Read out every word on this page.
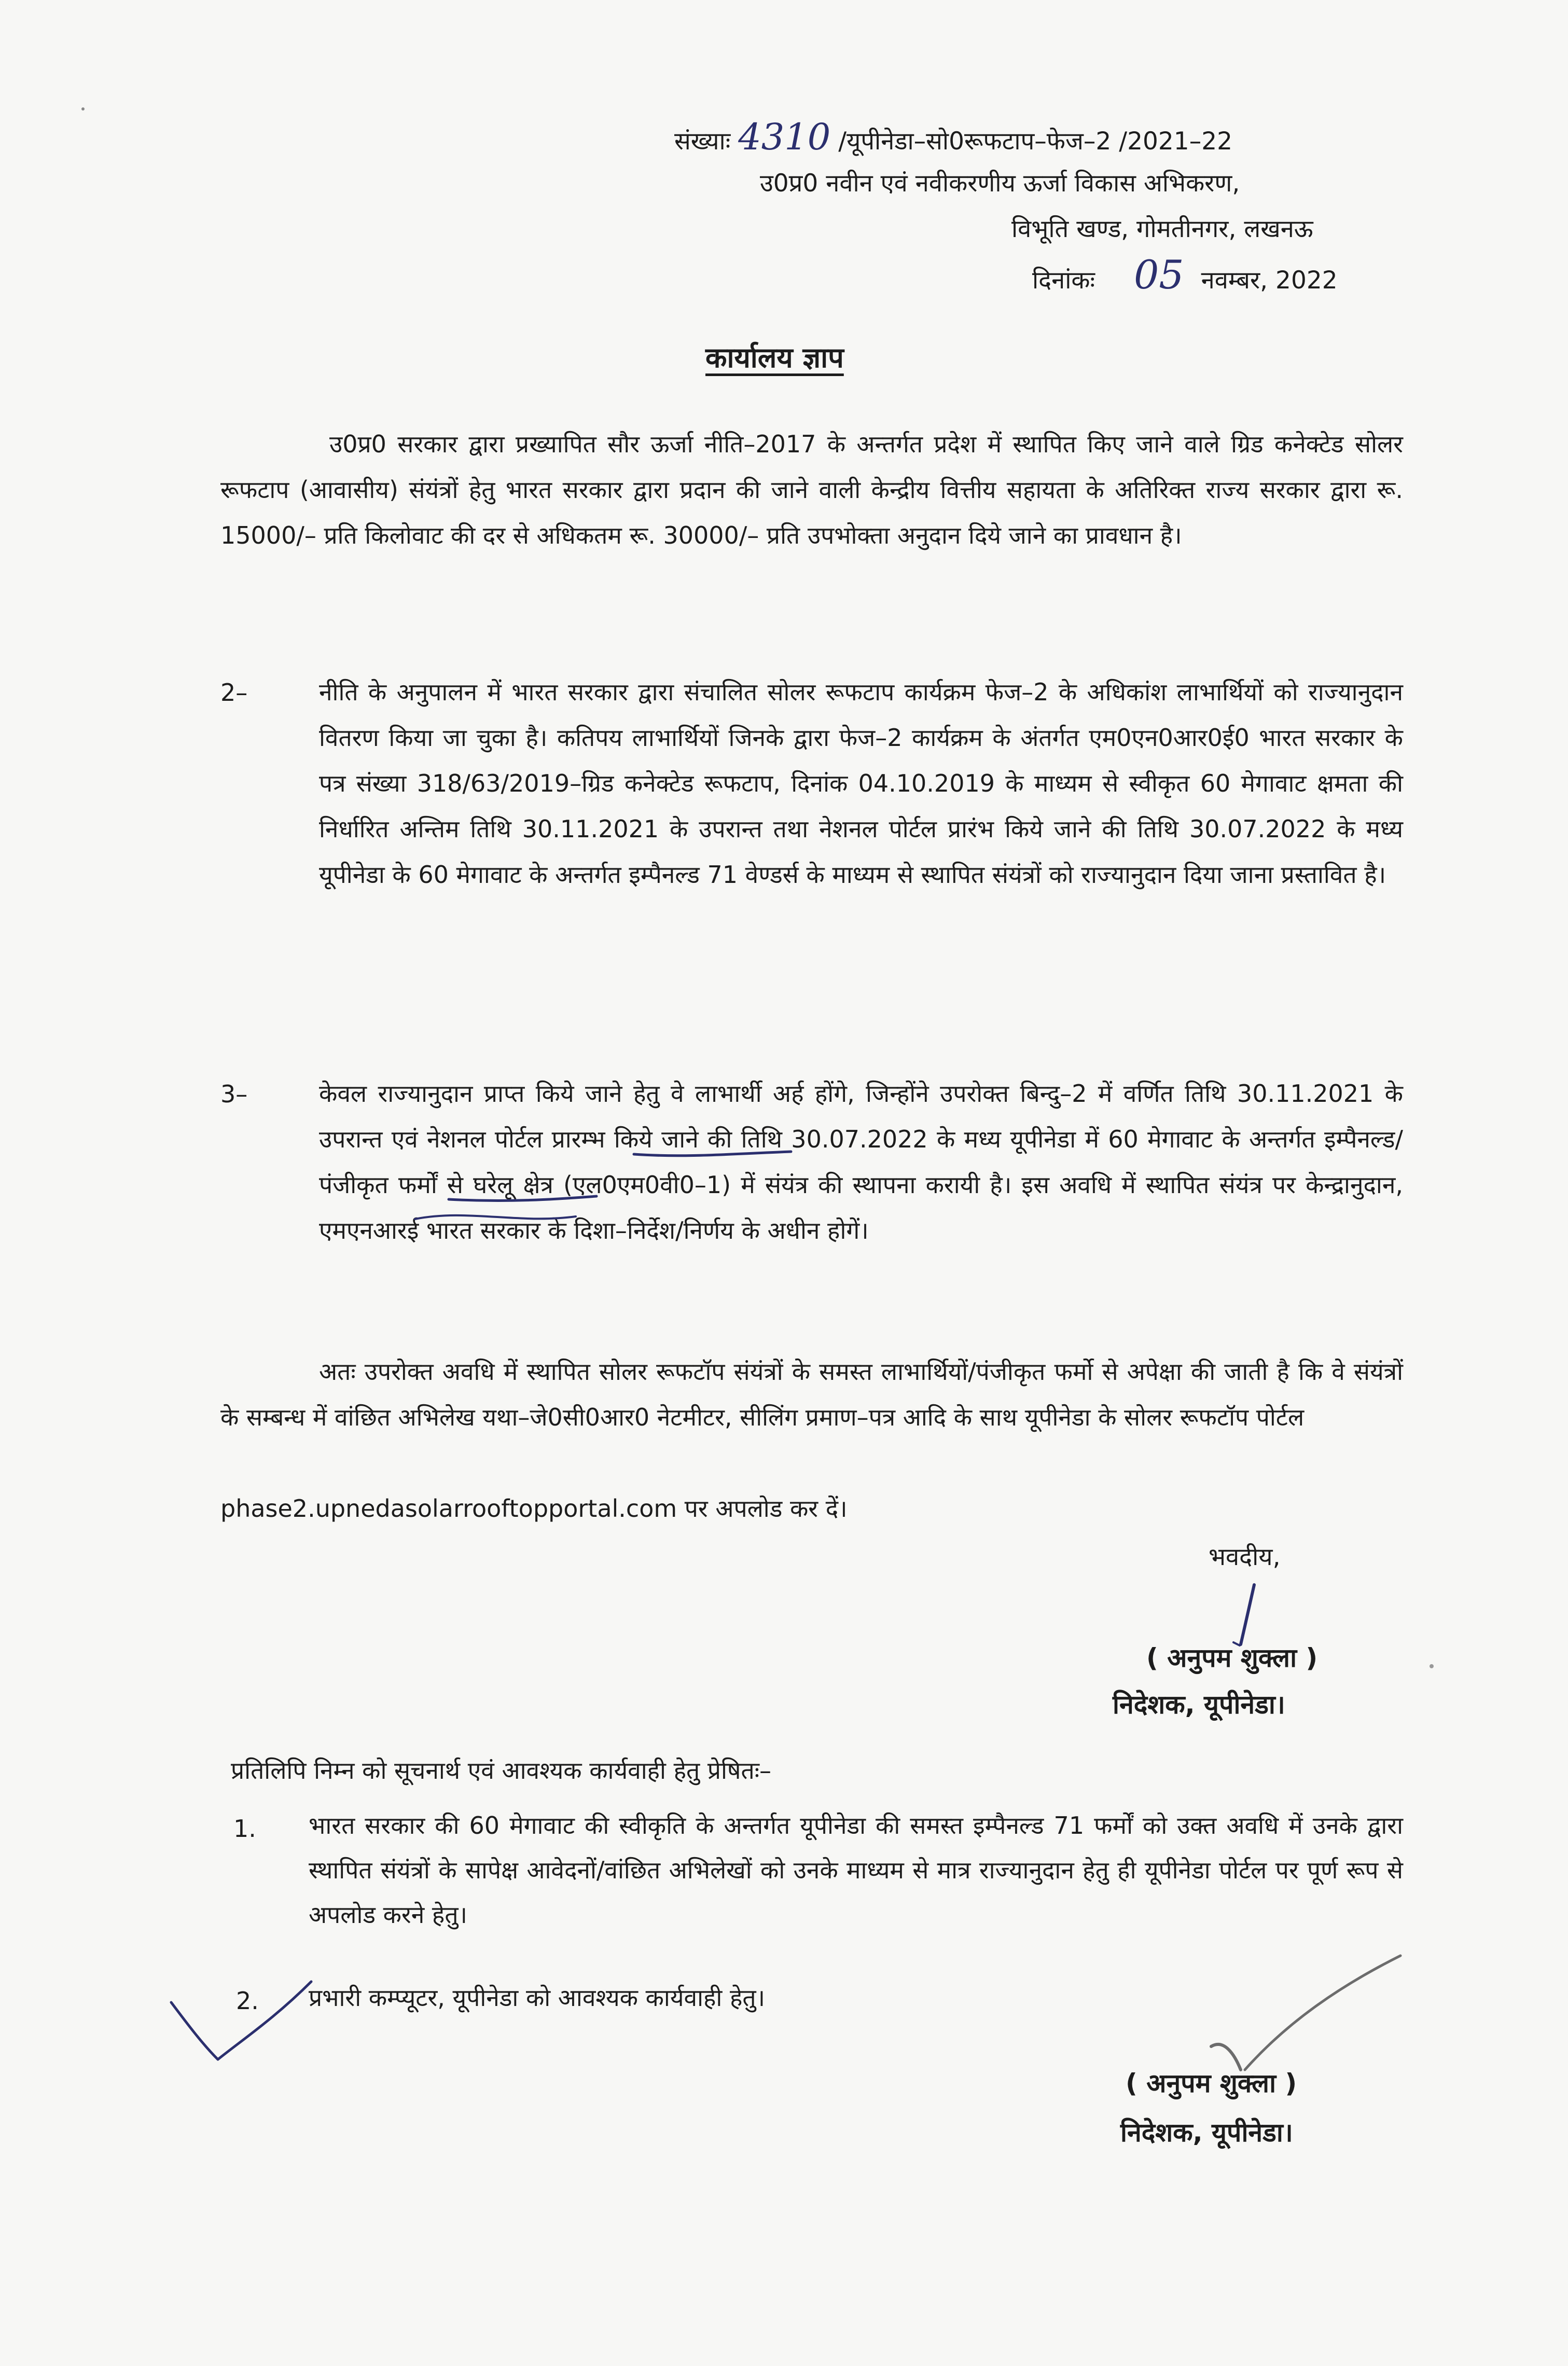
संख्याः 4310 /यूपीनेडा–सो0रूफटाप–फेज–2 /2021–22
उ0प्र0 नवीन एवं नवीकरणीय ऊर्जा विकास अभिकरण,
विभूति खण्ड, गोमतीनगर, लखनऊ
दिनांकः 05 नवम्बर, 2022
कार्यालय ज्ञाप
उ0प्र0 सरकार द्वारा प्रख्यापित सौर ऊर्जा नीति–2017 के अन्तर्गत प्रदेश में स्थापित किए जाने वाले ग्रिड कनेक्टेड सोलर रूफटाप (आवासीय) संयंत्रों हेतु भारत सरकार द्वारा प्रदान की जाने वाली केन्द्रीय वित्तीय सहायता के अतिरिक्त राज्य सरकार द्वारा रू. 15000/– प्रति किलोवाट की दर से अधिकतम रू. 30000/– प्रति उपभोक्ता अनुदान दिये जाने का प्रावधान है।
2–	नीति के अनुपालन में भारत सरकार द्वारा संचालित सोलर रूफटाप कार्यक्रम फेज–2 के अधिकांश लाभार्थियों को राज्यानुदान वितरण किया जा चुका है। कतिपय लाभार्थियों जिनके द्वारा फेज–2 कार्यक्रम के अंतर्गत एम0एन0आर0ई0 भारत सरकार के पत्र संख्या 318/63/2019–ग्रिड कनेक्टेड रूफटाप, दिनांक 04.10.2019 के माध्यम से स्वीकृत 60 मेगावाट क्षमता की निर्धारित अन्तिम तिथि 30.11.2021 के उपरान्त तथा नेशनल पोर्टल प्रारंभ किये जाने की तिथि 30.07.2022 के मध्य यूपीनेडा के 60 मेगावाट के अन्तर्गत इम्पैनल्ड 71 वेण्डर्स के माध्यम से स्थापित संयंत्रों को राज्यानुदान दिया जाना प्रस्तावित है।
3–	केवल राज्यानुदान प्राप्त किये जाने हेतु वे लाभार्थी अर्ह होंगे, जिन्होंने उपरोक्त बिन्दु–2 में वर्णित तिथि 30.11.2021 के उपरान्त एवं नेशनल पोर्टल प्रारम्भ किये जाने की तिथि 30.07.2022 के मध्य यूपीनेडा में 60 मेगावाट के अन्तर्गत इम्पैनल्ड/पंजीकृत फर्मों से घरेलू क्षेत्र (एल0एम0वी0–1) में संयंत्र की स्थापना करायी है। इस अवधि में स्थापित संयंत्र पर केन्द्रानुदान, एमएनआरई भारत सरकार के दिशा–निर्देश/निर्णय के अधीन होगें।
अतः उपरोक्त अवधि में स्थापित सोलर रूफटॉप संयंत्रों के समस्त लाभार्थियों/पंजीकृत फर्मो से अपेक्षा की जाती है कि वे संयंत्रों के सम्बन्ध में वांछित अभिलेख यथा–जे0सी0आर0 नेटमीटर, सीलिंग प्रमाण–पत्र आदि के साथ यूपीनेडा के सोलर रूफटॉप पोर्टल
phase2.upnedasolarrooftopportal.com पर अपलोड कर दें।
भवदीय,
( अनुपम शुक्ला )
निदेशक, यूपीनेडा।
प्रतिलिपि निम्न को सूचनार्थ एवं आवश्यक कार्यवाही हेतु प्रेषितः–
1. भारत सरकार की 60 मेगावाट की स्वीकृति के अन्तर्गत यूपीनेडा की समस्त इम्पैनल्ड 71 फर्मों को उक्त अवधि में उनके द्वारा स्थापित संयंत्रों के सापेक्ष आवेदनों/वांछित अभिलेखों को उनके माध्यम से मात्र राज्यानुदान हेतु ही यूपीनेडा पोर्टल पर पूर्ण रूप से अपलोड करने हेतु।
2. प्रभारी कम्प्यूटर, यूपीनेडा को आवश्यक कार्यवाही हेतु।
( अनुपम शुक्ला )
निदेशक, यूपीनेडा।
